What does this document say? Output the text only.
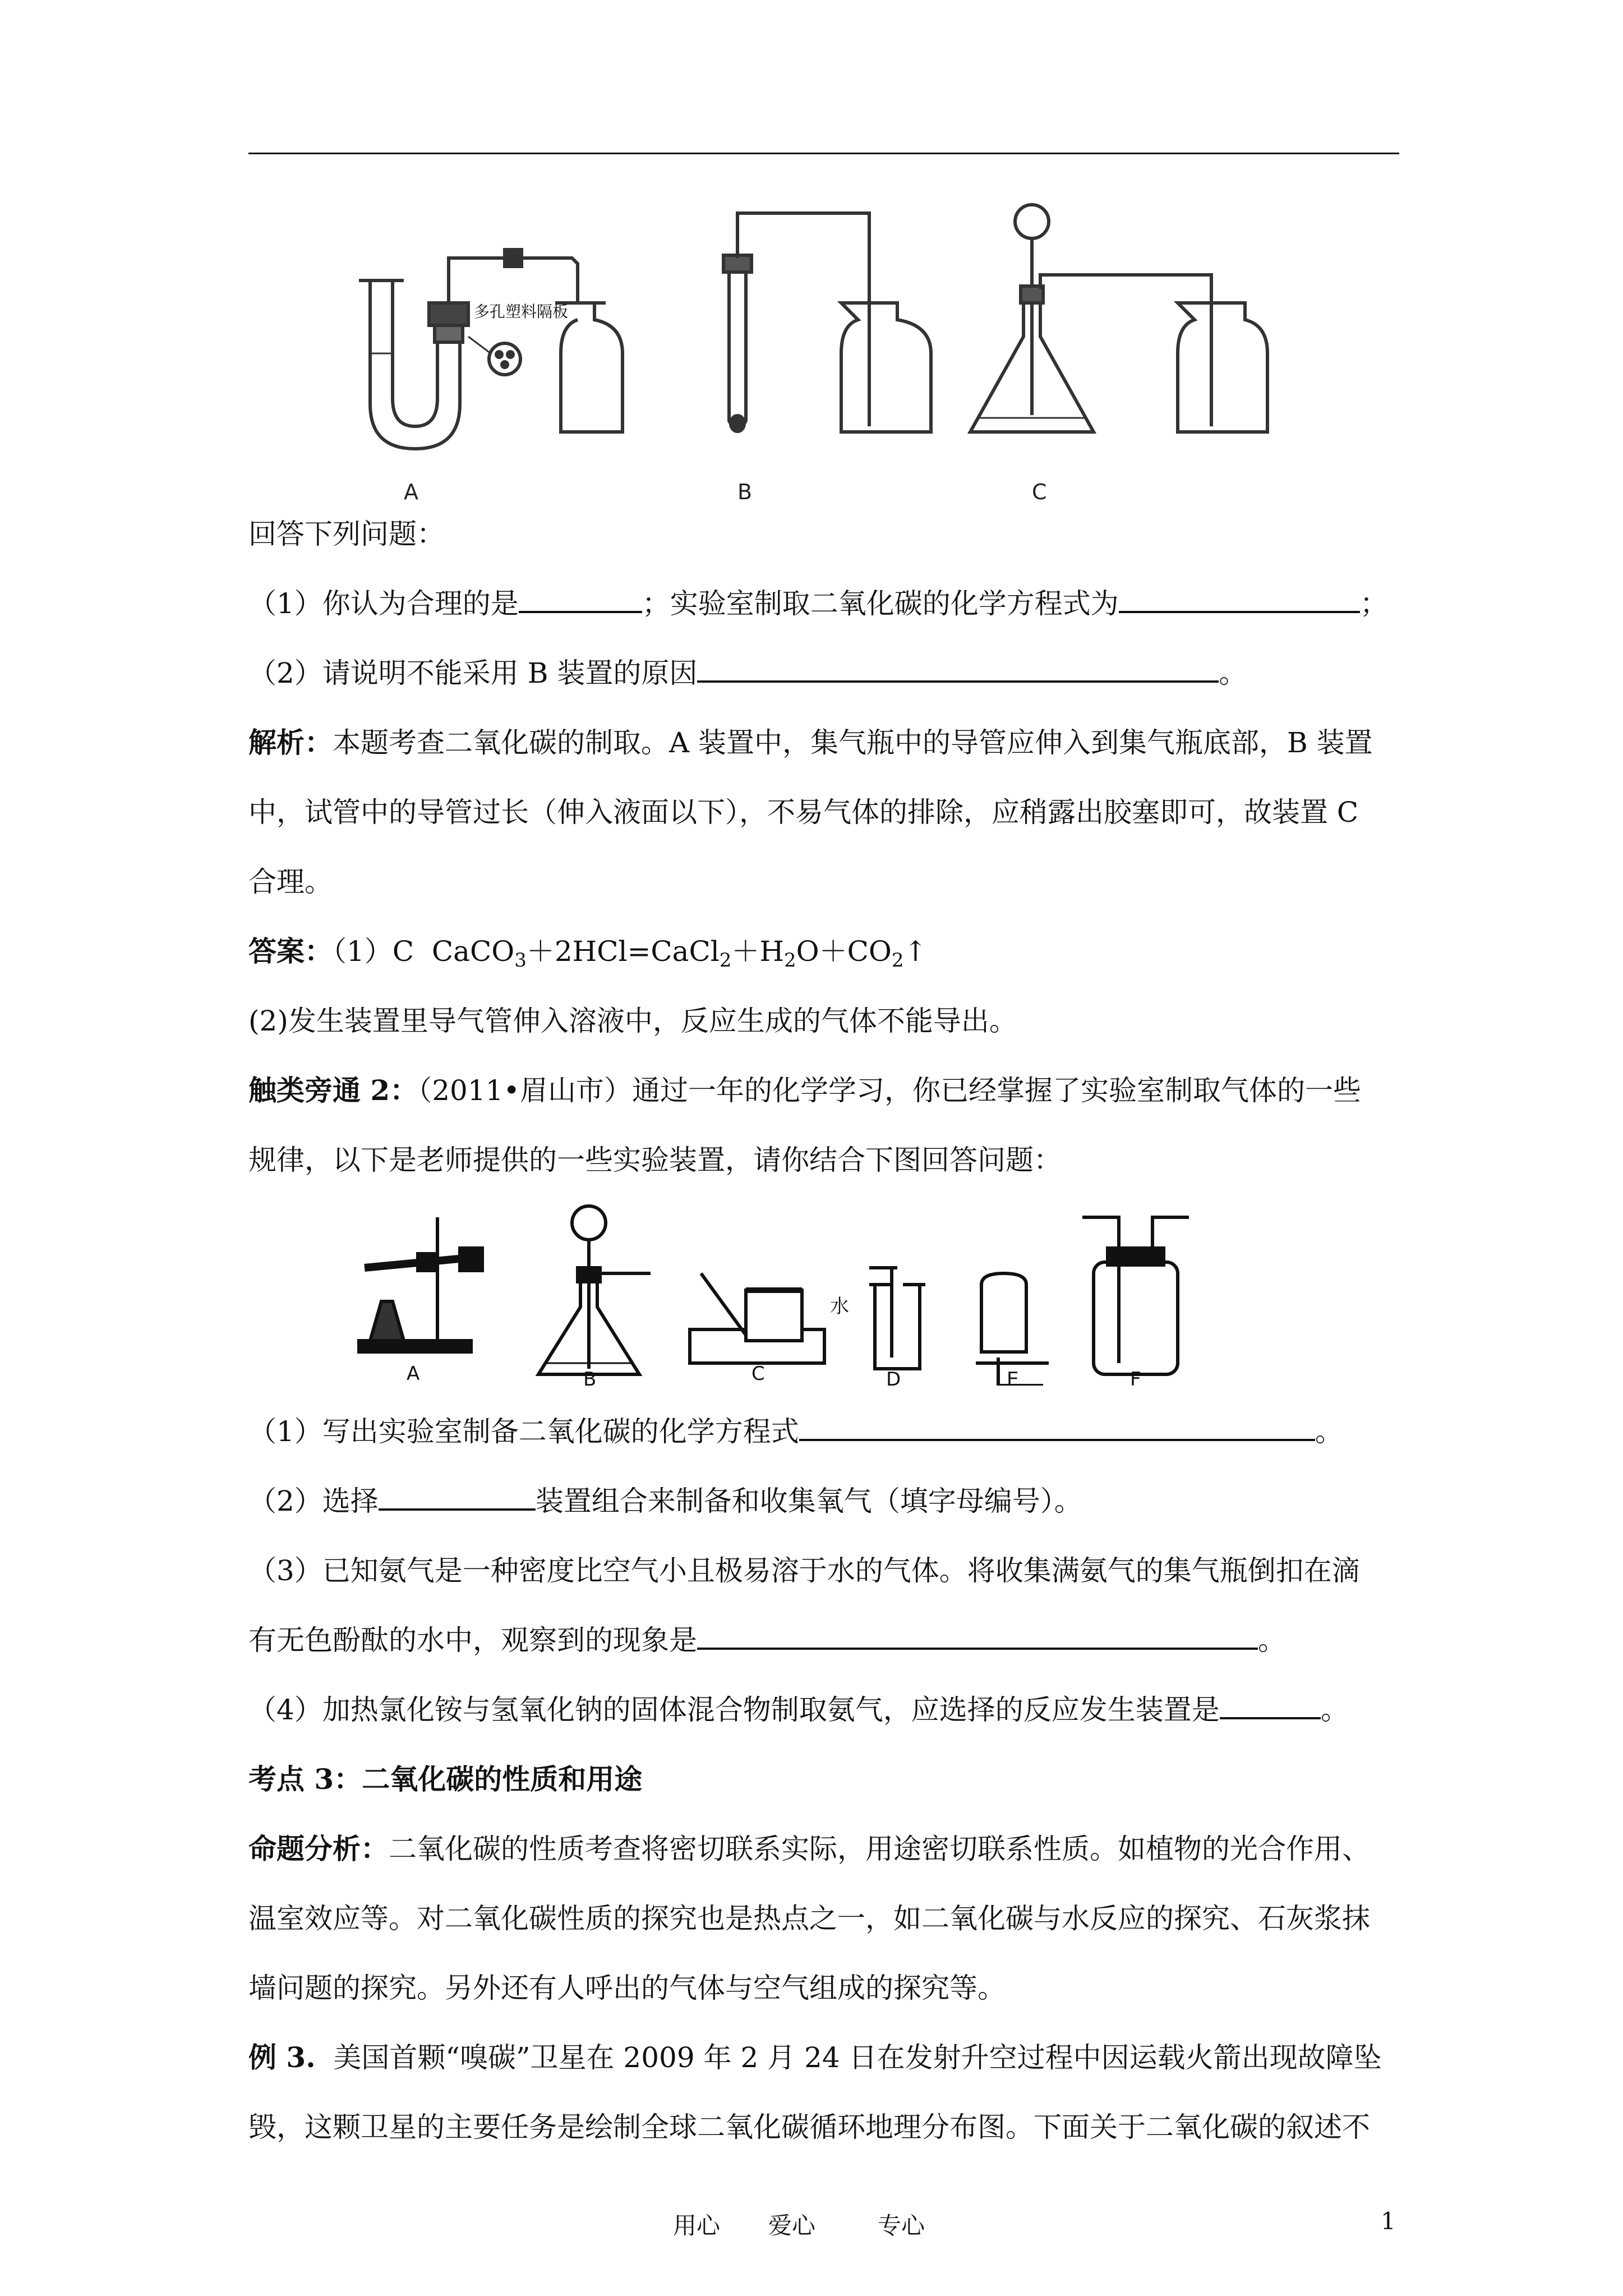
A	B	C
多孔塑料隔板
回答下列问题：
（1）你认为合理的是	；实验室制取二氧化碳的化学方程式为	；
（2）请说明不能采用 B 装置的原因	。
解析：本题考查二氧化碳的制取。A 装置中，集气瓶中的导管应伸入到集气瓶底部，B 装置
中，试管中的导管过长（伸入液面以下），不易气体的排除，应稍露出胶塞即可，故装置 C
合理。
答案：（1）C $CaCO_3+2HCl=CaCl_2+H_2O+CO_2↑$
(2)发生装置里导气管伸入溶液中，反应生成的气体不能导出。
触类旁通 2：（2011•眉山市）通过一年的化学学习，你已经掌握了实验室制取气体的一些
规律，以下是老师提供的一些实验装置，请你结合下图回答问题：
A	B	C	D	E	F
水
（1）写出实验室制备二氧化碳的化学方程式	。
（2）选择	装置组合来制备和收集氧气（填字母编号）。
（3）已知氨气是一种密度比空气小且极易溶于水的气体。将收集满氨气的集气瓶倒扣在滴
有无色酚酞的水中，观察到的现象是	。
（4）加热氯化铵与氢氧化钠的固体混合物制取氨气，应选择的反应发生装置是	。
考点 3：二氧化碳的性质和用途
命题分析：二氧化碳的性质考查将密切联系实际，用途密切联系性质。如植物的光合作用、
温室效应等。对二氧化碳性质的探究也是热点之一，如二氧化碳与水反应的探究、石灰浆抹
墙问题的探究。另外还有人呼出的气体与空气组成的探究等。
例 3. 美国首颗“嗅碳”卫星在 2009 年 2 月 24 日在发射升空过程中因运载火箭出现故障坠
毁，这颗卫星的主要任务是绘制全球二氧化碳循环地理分布图。下面关于二氧化碳的叙述不
用心 爱心	专心	1
